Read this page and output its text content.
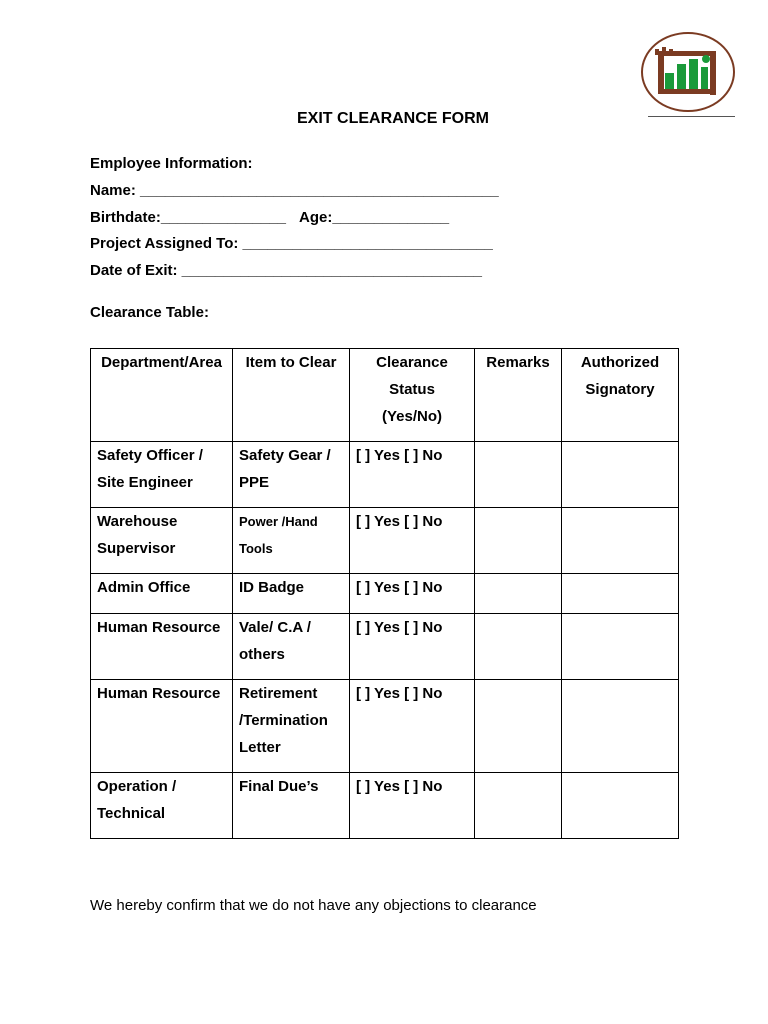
EXIT CLEARANCE FORM
Employee Information:
Name: ___________________________________________
Birthdate:_______________ Age:______________
Project Assigned To: ______________________________
Date of Exit: ____________________________________
Clearance Table:
Department/Area	Item to Clear	Clearance Status (Yes/No)	Remarks	Authorized Signatory
Safety Officer / Site Engineer	Safety Gear / PPE	[ ] Yes [ ] No		
Warehouse Supervisor	Power /Hand Tools	[ ] Yes [ ] No		
Admin Office	ID Badge	[ ] Yes [ ] No		
Human Resource	Vale/ C.A / others	[ ] Yes [ ] No		
Human Resource	Retirement /Termination Letter	[ ] Yes [ ] No		
Operation / Technical	Final Due’s	[ ] Yes [ ] No		
We hereby confirm that we do not have any objections to clearance
